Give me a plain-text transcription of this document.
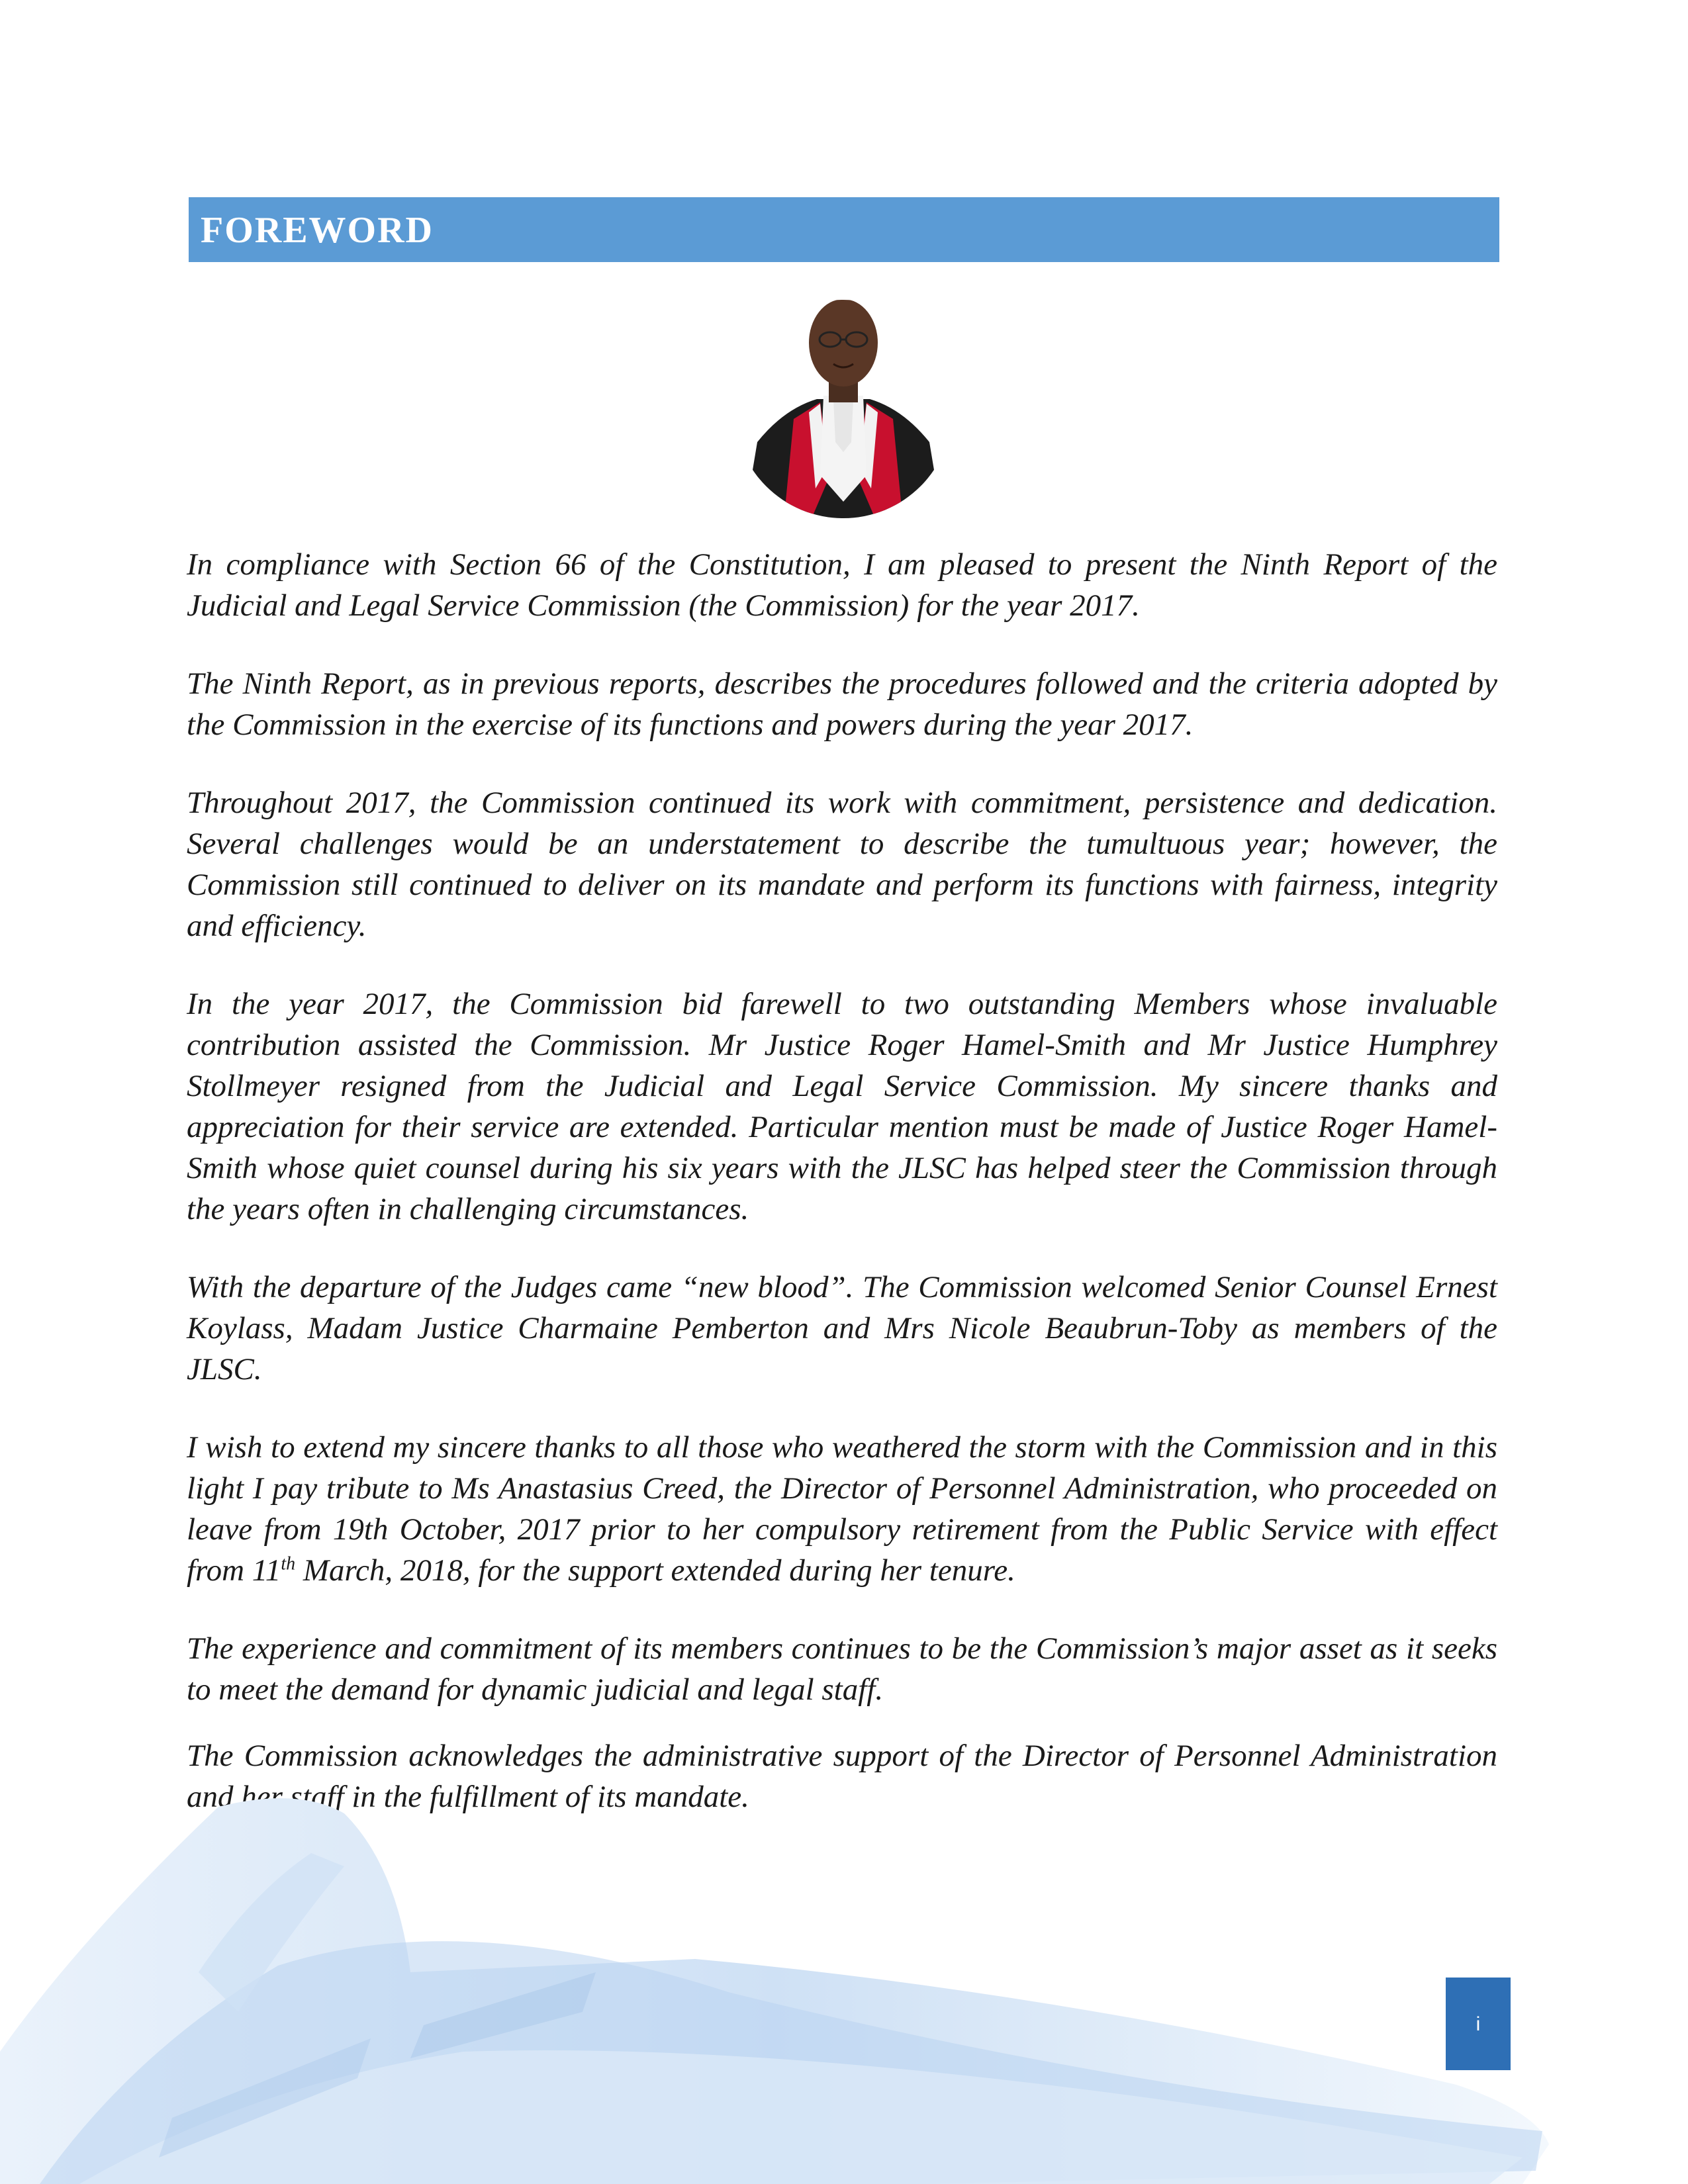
FOREWORD

In compliance with Section 66 of the Constitution, I am pleased to present the Ninth Report of the Judicial and Legal Service Commission (the Commission) for the year 2017.

The Ninth Report, as in previous reports, describes the procedures followed and the criteria adopted by the Commission in the exercise of its functions and powers during the year 2017.

Throughout 2017, the Commission continued its work with commitment, persistence and dedication. Several challenges would be an understatement to describe the tumultuous year; however, the Commission still continued to deliver on its mandate and perform its functions with fairness, integrity and efficiency.

In the year 2017, the Commission bid farewell to two outstanding Members whose invaluable contribution assisted the Commission. Mr Justice Roger Hamel-Smith and Mr Justice Humphrey Stollmeyer resigned from the Judicial and Legal Service Commission. My sincere thanks and appreciation for their service are extended. Particular mention must be made of Justice Roger Hamel-Smith whose quiet counsel during his six years with the JLSC has helped steer the Commission through the years often in challenging circumstances.

With the departure of the Judges came “new blood”. The Commission welcomed Senior Counsel Ernest Koylass, Madam Justice Charmaine Pemberton and Mrs Nicole Beaubrun-Toby as members of the JLSC.

I wish to extend my sincere thanks to all those who weathered the storm with the Commission and in this light I pay tribute to Ms Anastasius Creed, the Director of Personnel Administration, who proceeded on leave from 19th October, 2017 prior to her compulsory retirement from the Public Service with effect from 11th March, 2018, for the support extended during her tenure.

The experience and commitment of its members continues to be the Commission’s major asset as it seeks to meet the demand for dynamic judicial and legal staff.

The Commission acknowledges the administrative support of the Director of Personnel Administration and her staff in the fulfillment of its mandate.

i
